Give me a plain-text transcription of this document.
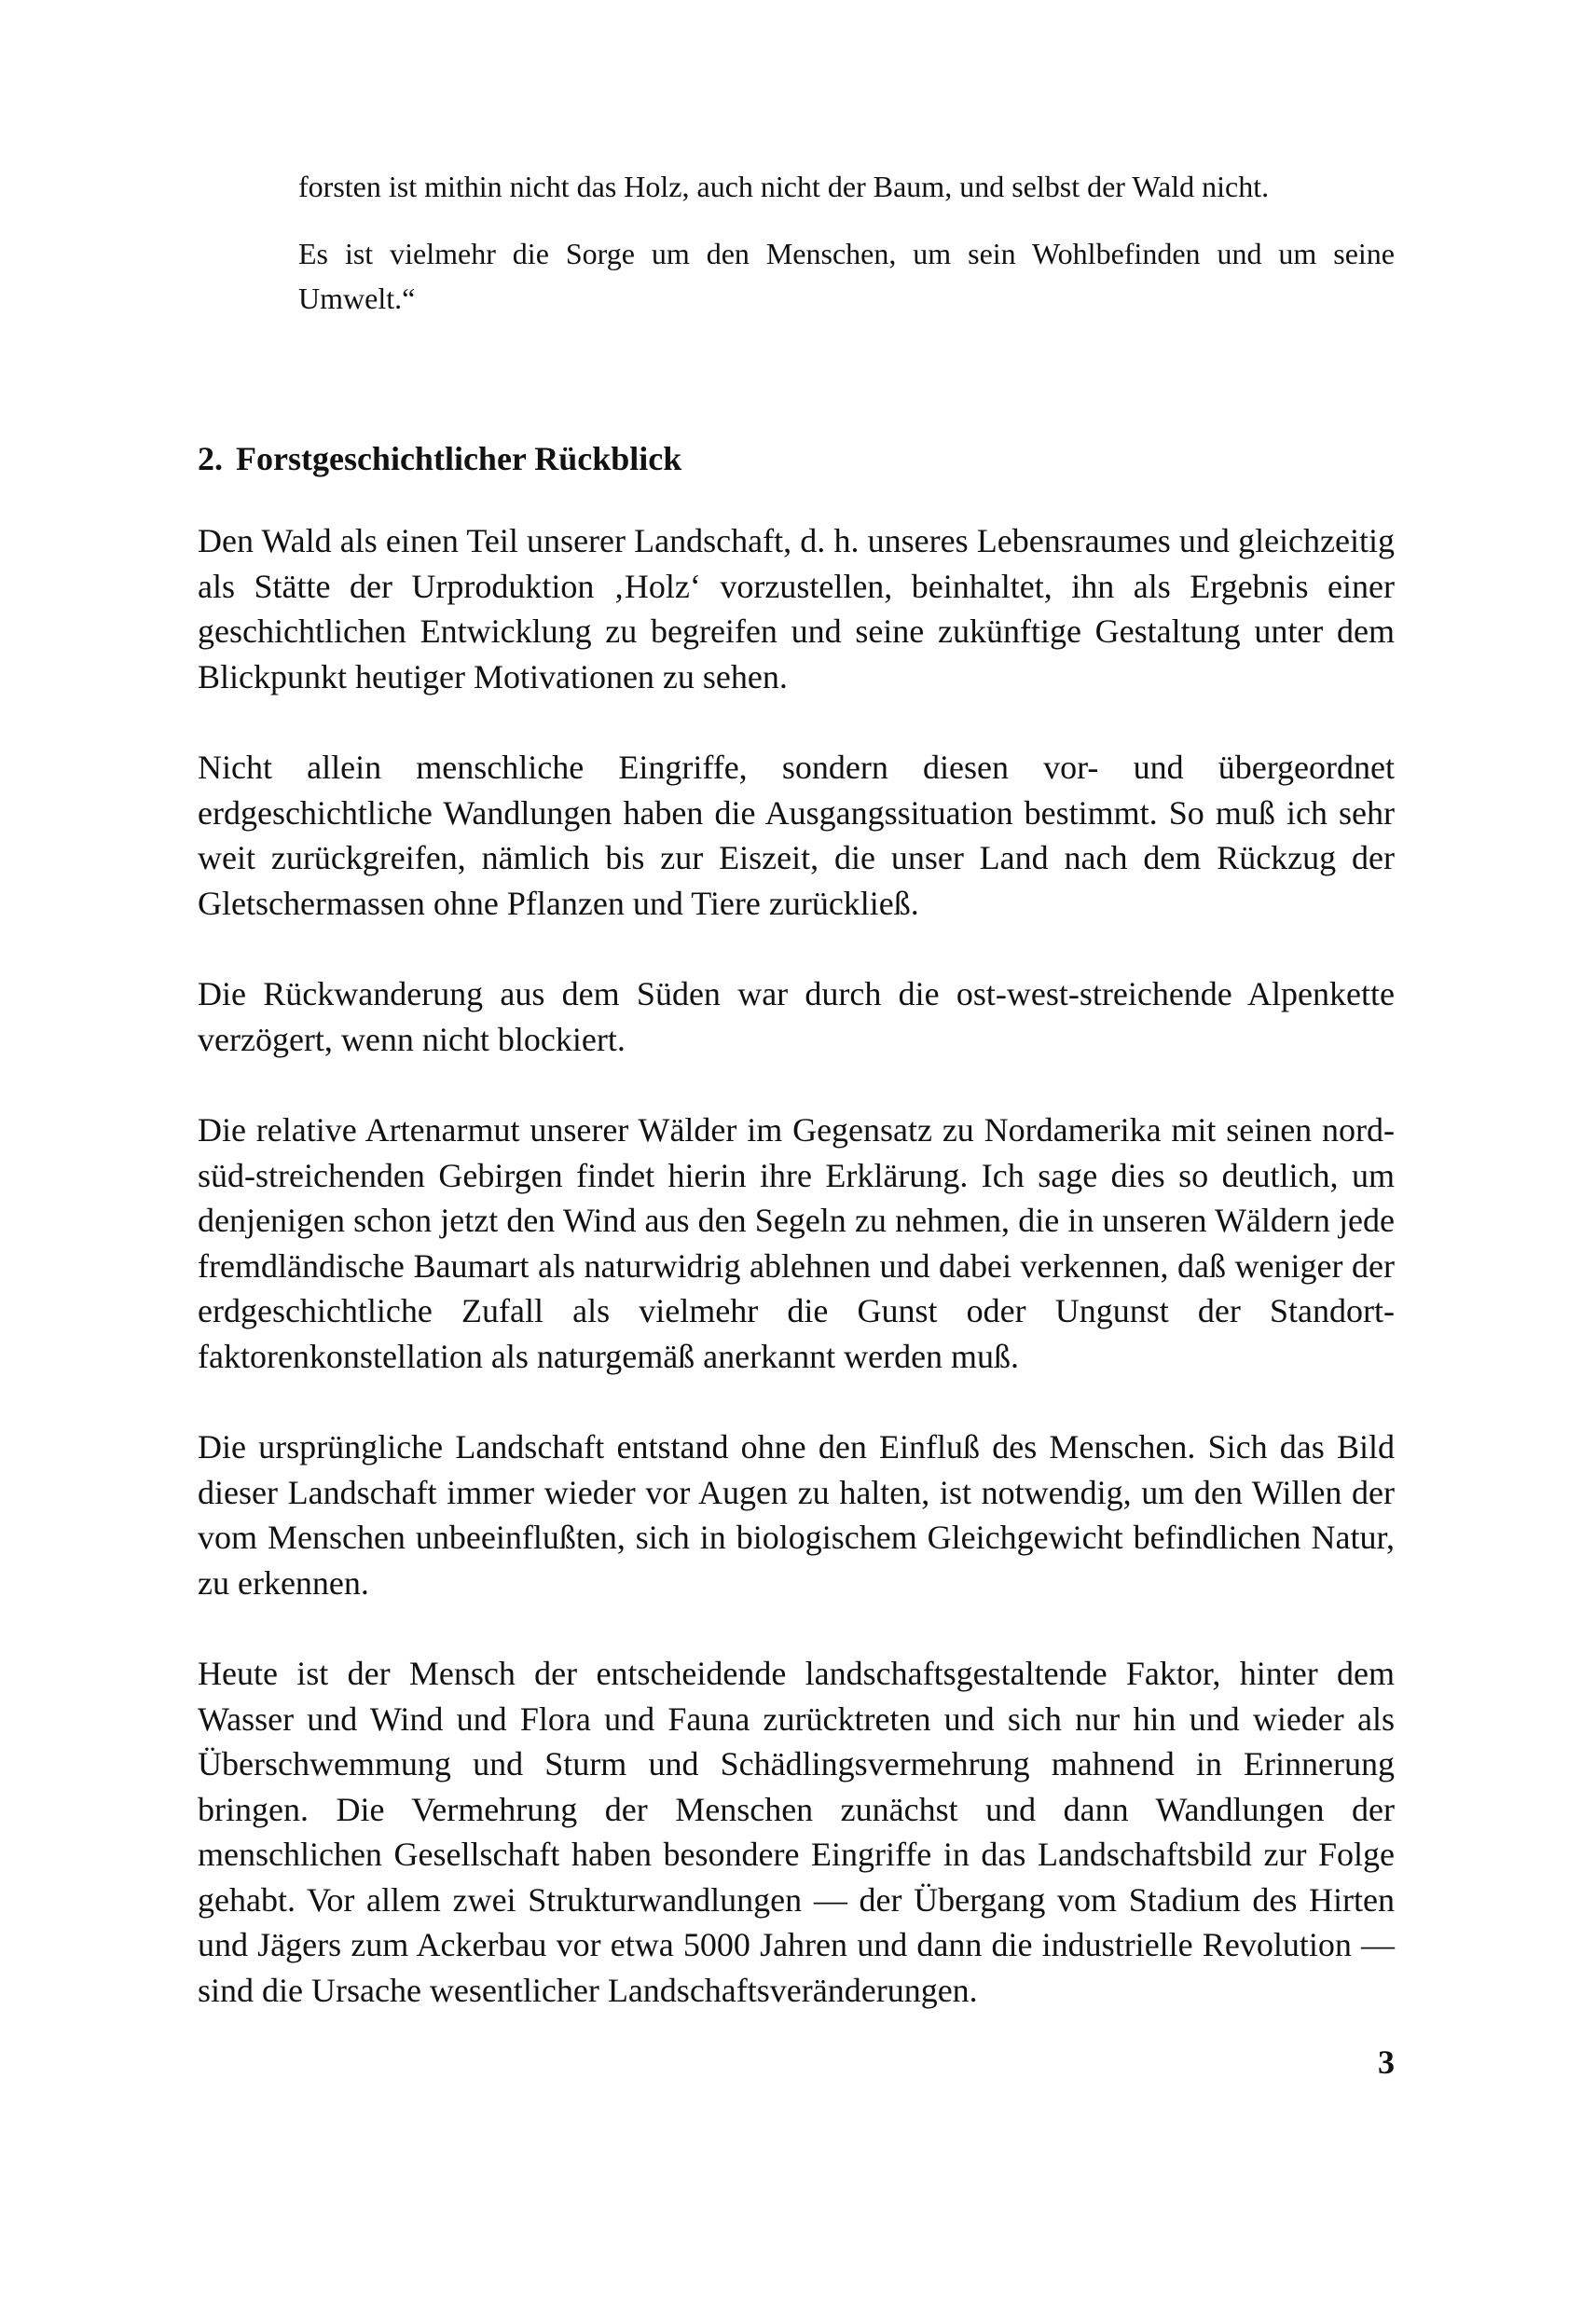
forsten ist mithin nicht das Holz, auch nicht der Baum, und selbst der Wald nicht.

Es ist vielmehr die Sorge um den Menschen, um sein Wohlbefinden und um seine Umwelt.“

2. Forstgeschichtlicher Rückblick

Den Wald als einen Teil unserer Landschaft, d. h. unseres Lebensraumes und gleichzeitig als Stätte der Urproduktion ‚Holz‘ vorzustellen, beinhaltet, ihn als Ergebnis einer geschichtlichen Entwicklung zu begreifen und seine zukünftige Gestaltung unter dem Blickpunkt heutiger Motivationen zu sehen.

Nicht allein menschliche Eingriffe, sondern diesen vor- und übergeordnet erdgeschichtliche Wandlungen haben die Ausgangssituation bestimmt. So muß ich sehr weit zurückgreifen, nämlich bis zur Eiszeit, die unser Land nach dem Rückzug der Gletschermassen ohne Pflanzen und Tiere zurückließ.

Die Rückwanderung aus dem Süden war durch die ost-west-streichende Alpenkette verzögert, wenn nicht blockiert.

Die relative Artenarmut unserer Wälder im Gegensatz zu Nordamerika mit seinen nord-süd-streichenden Gebirgen findet hierin ihre Erklärung. Ich sage dies so deutlich, um denjenigen schon jetzt den Wind aus den Segeln zu nehmen, die in unseren Wäldern jede fremdländische Baumart als naturwidrig ablehnen und dabei verkennen, daß weniger der erdgeschichtliche Zufall als vielmehr die Gunst oder Ungunst der Standortfaktorenkonstellation als naturgemäß anerkannt werden muß.

Die ursprüngliche Landschaft entstand ohne den Einfluß des Menschen. Sich das Bild dieser Landschaft immer wieder vor Augen zu halten, ist notwendig, um den Willen der vom Menschen unbeeinflußten, sich in biologischem Gleichgewicht befindlichen Natur, zu erkennen.

Heute ist der Mensch der entscheidende landschaftsgestaltende Faktor, hinter dem Wasser und Wind und Flora und Fauna zurücktreten und sich nur hin und wieder als Überschwemmung und Sturm und Schädlingsvermehrung mahnend in Erinnerung bringen. Die Vermehrung der Menschen zunächst und dann Wandlungen der menschlichen Gesellschaft haben besondere Eingriffe in das Landschaftsbild zur Folge gehabt. Vor allem zwei Strukturwandlungen — der Übergang vom Stadium des Hirten und Jägers zum Ackerbau vor etwa 5000 Jahren und dann die industrielle Revolution — sind die Ursache wesentlicher Landschaftsveränderungen.

3
